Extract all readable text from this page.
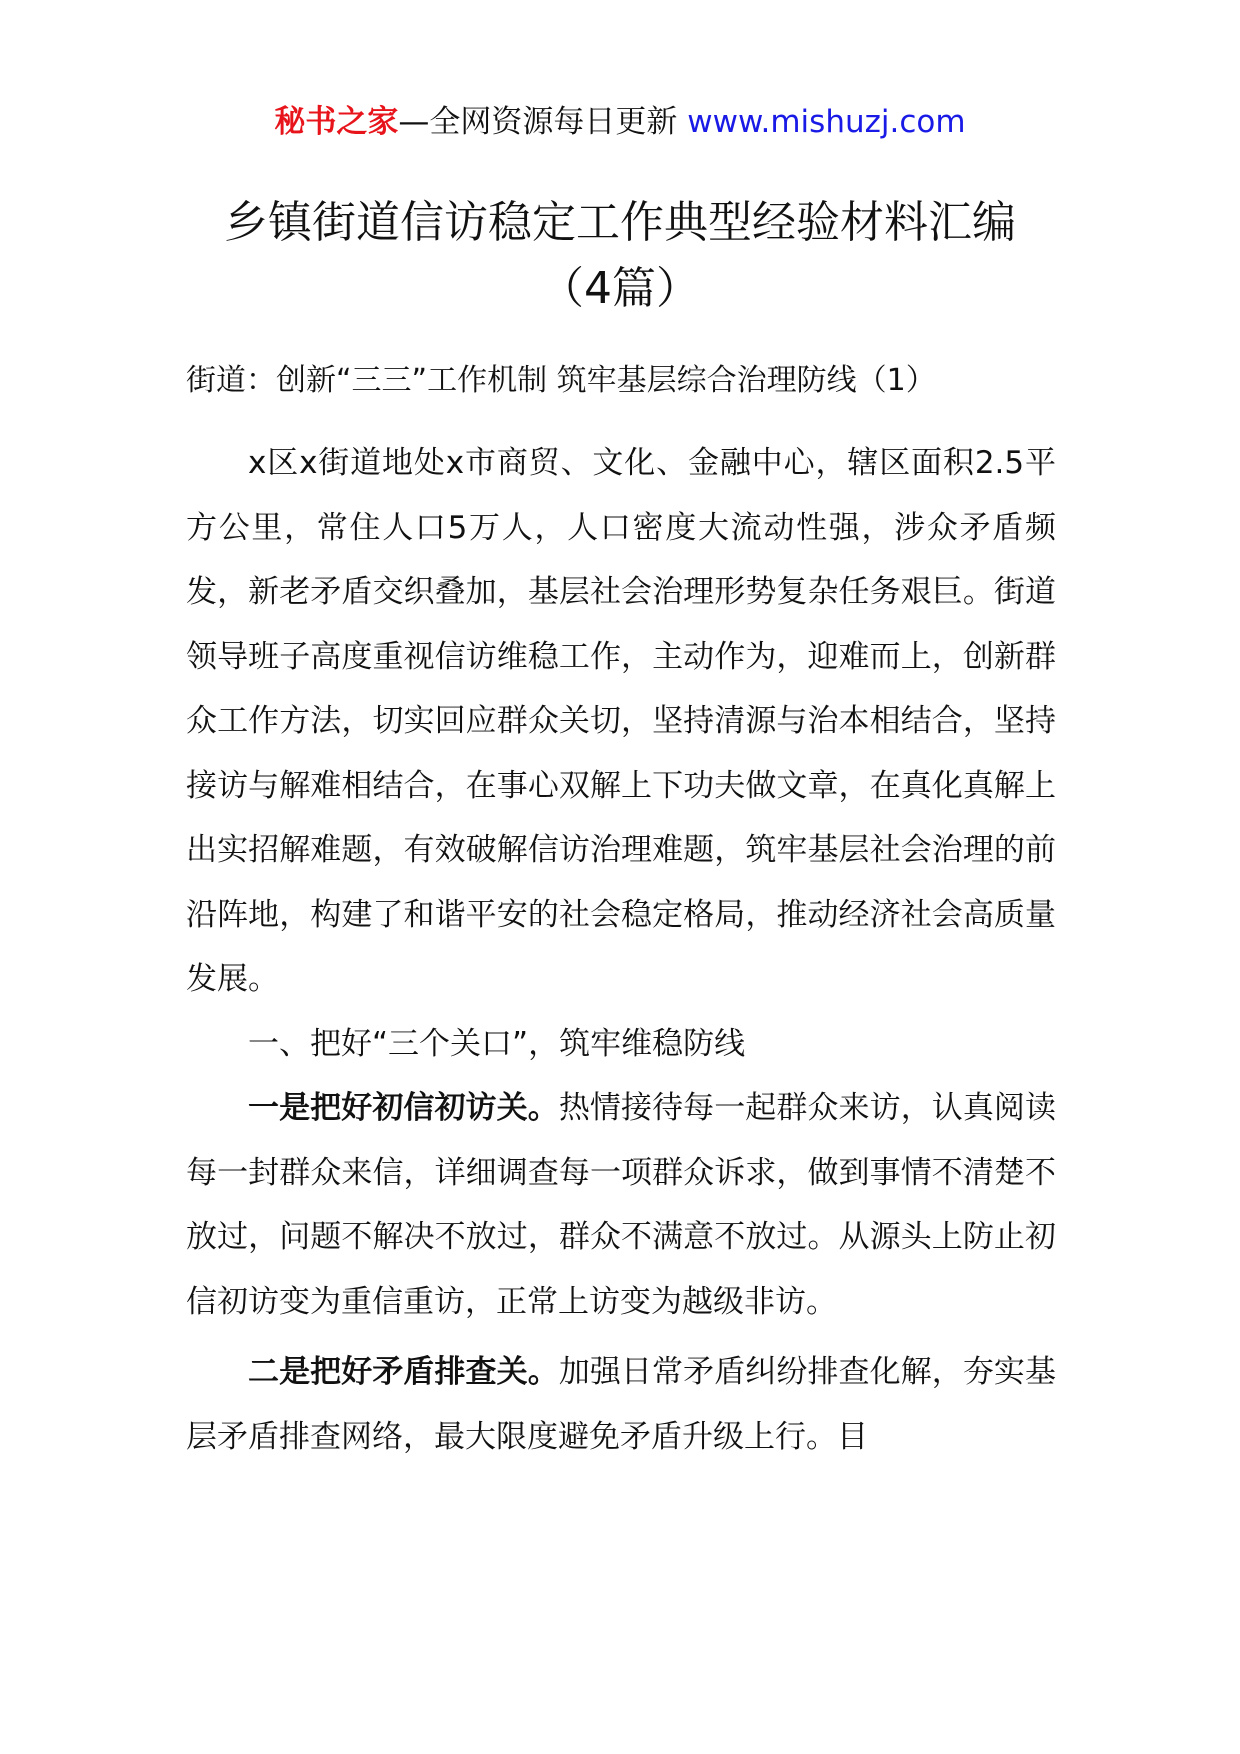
秘书之家—全网资源每日更新 www.mishuzj.com
乡镇街道信访稳定工作典型经验材料汇编
（4篇）
街道：创新“三三”工作机制 筑牢基层综合治理防线（1）

x区x街道地处x市商贸、文化、金融中心，辖区面积2.5平方公里，常住人口5万人，人口密度大流动性强，涉众矛盾频发，新老矛盾交织叠加，基层社会治理形势复杂任务艰巨。街道领导班子高度重视信访维稳工作，主动作为，迎难而上，创新群众工作方法，切实回应群众关切，坚持清源与治本相结合，坚持接访与解难相结合，在事心双解上下功夫做文章，在真化真解上出实招解难题，有效破解信访治理难题，筑牢基层社会治理的前沿阵地，构建了和谐平安的社会稳定格局，推动经济社会高质量发展。

一、把好“三个关口”，筑牢维稳防线

一是把好初信初访关。热情接待每一起群众来访，认真阅读每一封群众来信，详细调查每一项群众诉求，做到事情不清楚不放过，问题不解决不放过，群众不满意不放过。从源头上防止初信初访变为重信重访，正常上访变为越级非访。

二是把好矛盾排查关。加强日常矛盾纠纷排查化解，夯实基层矛盾排查网络，最大限度避免矛盾升级上行。目
